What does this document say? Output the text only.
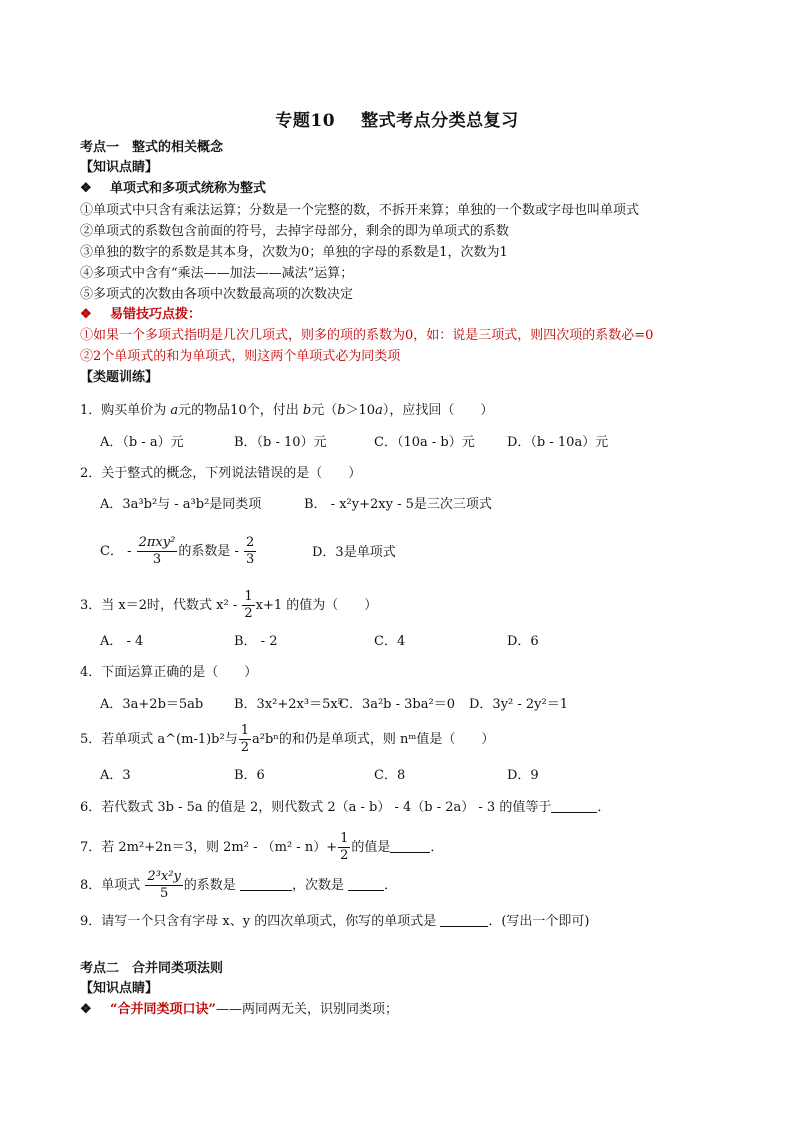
专题10 整式考点分类总复习
考点一　整式的相关概念
【知识点睛】
❖ 单项式和多项式统称为整式
①单项式中只含有乘法运算；分数是一个完整的数，不拆开来算；单独的一个数或字母也叫单项式
②单项式的系数包含前面的符号，去掉字母部分，剩余的即为单项式的系数
③单独的数字的系数是其本身，次数为0；单独的字母的系数是1，次数为1
④多项式中含有“乘法——加法——减法”运算；
⑤多项式的次数由各项中次数最高项的次数决定
❖ 易错技巧点拨：
①如果一个多项式指明是几次几项式，则多的项的系数为0，如：说是三项式，则四次项的系数必=0
②2个单项式的和为单项式，则这两个单项式必为同类项
【类题训练】
1．购买单价为 a元的物品10个，付出 b元（b＞10a），应找回（　　）
A．（b - a）元	B．（b - 10）元	C．（10a - b）元 D．（b - 10a）元
2．关于整式的概念，下列说法错误的是（　　）
A．3a³b²与 - a³b²是同类项	B． - x²y+2xy - 5是三次三项式
C． - $\frac{\text{2πxy²}}{3}$ 的系数是 - $\frac{2}{3}$	D．3是单项式
3．当 x＝2时，代数式 $x^2 - \frac{1}{2} x+1$ 的值为（　　）
A． - 4	B． - 2	C．4	D．6
4．下面运算正确的是（　　）
A．3a+2b＝5ab B．3x²+2x³＝5x⁵
C．3a²b - 3ba²＝0 D．3y² - 2y²＝1
5．若单项式 a^(m-1)b²与 $\frac{1}{2} a^2b^n$的和仍是单项式，则 nᵐ值是（　　）
A．3	B．6	C．8	D．9
6．若代数式 3b - 5a 的值是 2，则代数式 2（a - b） - 4（b - 2a） - 3 的值等于	．
7．若 2m²+2n＝3，则 $2m^2 - (m^2 - n)+ \frac{1}{2}$ 的值是	．
8．单项式 $\frac{\text{2³x²y}}{5}$ 的系数是	，次数是	．
9．请写一个只含有字母 x、y 的四次单项式，你写的单项式是	．(写出一个即可)
考点二　合并同类项法则
【知识点睛】
❖ “合并同类项口诀”——两同两无关，识别同类项；
